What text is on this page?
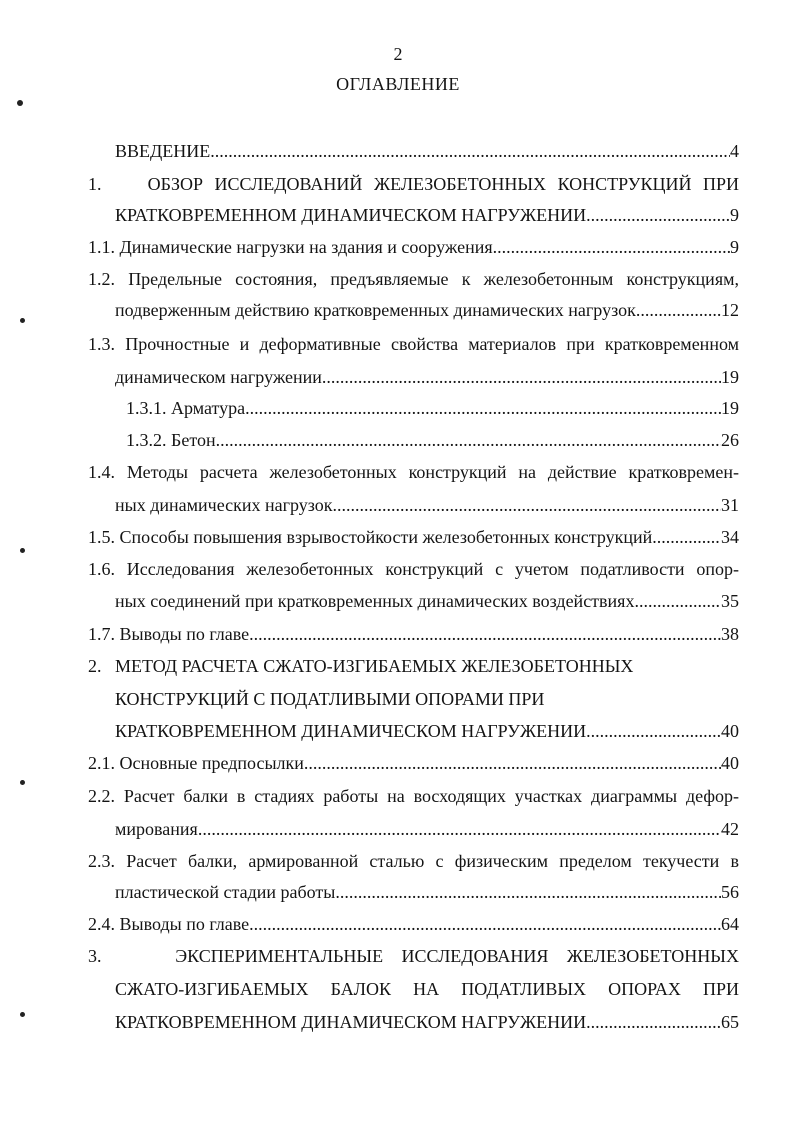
2
ОГЛАВЛЕНИЕ
ВВЕДЕНИЕ .....	4
1.    ОБЗОР ИССЛЕДОВАНИЙ ЖЕЛЕЗОБЕТОННЫХ КОНСТРУКЦИЙ ПРИ
КРАТКОВРЕМЕННОМ ДИНАМИЧЕСКОМ НАГРУЖЕНИИ .....	9
1.1. Динамические нагрузки на здания и сооружения .....	9
1.2. Предельные состояния, предъявляемые к железобетонным конструкциям,
подверженным действию кратковременных динамических нагрузок .....	12
1.3. Прочностные и деформативные свойства материалов при кратковременном
динамическом нагружении .....	19
1.3.1. Арматура .....	19
1.3.2. Бетон .....	26
1.4. Методы расчета железобетонных конструкций на действие кратковремен-
ных динамических нагрузок .....	31
1.5. Способы повышения взрывостойкости железобетонных конструкций .....	34
1.6. Исследования железобетонных конструкций с учетом податливости опор-
ных соединений при кратковременных динамических воздействиях .....	35
1.7. Выводы по главе .....	38
2.   МЕТОД РАСЧЕТА СЖАТО-ИЗГИБАЕМЫХ ЖЕЛЕЗОБЕТОННЫХ
КОНСТРУКЦИЙ С ПОДАТЛИВЫМИ ОПОРАМИ ПРИ
КРАТКОВРЕМЕННОМ ДИНАМИЧЕСКОМ НАГРУЖЕНИИ .....	40
2.1. Основные предпосылки .....	40
2.2. Расчет балки в стадиях работы на восходящих участках диаграммы дефор-
мирования .....	42
2.3. Расчет балки, армированной сталью с физическим пределом текучести в
пластической стадии работы .....	56
2.4. Выводы по главе .....	64
3.    ЭКСПЕРИМЕНТАЛЬНЫЕ ИССЛЕДОВАНИЯ ЖЕЛЕЗОБЕТОННЫХ
СЖАТО-ИЗГИБАЕМЫХ БАЛОК НА ПОДАТЛИВЫХ ОПОРАХ ПРИ
КРАТКОВРЕМЕННОМ ДИНАМИЧЕСКОМ НАГРУЖЕНИИ .....	65
